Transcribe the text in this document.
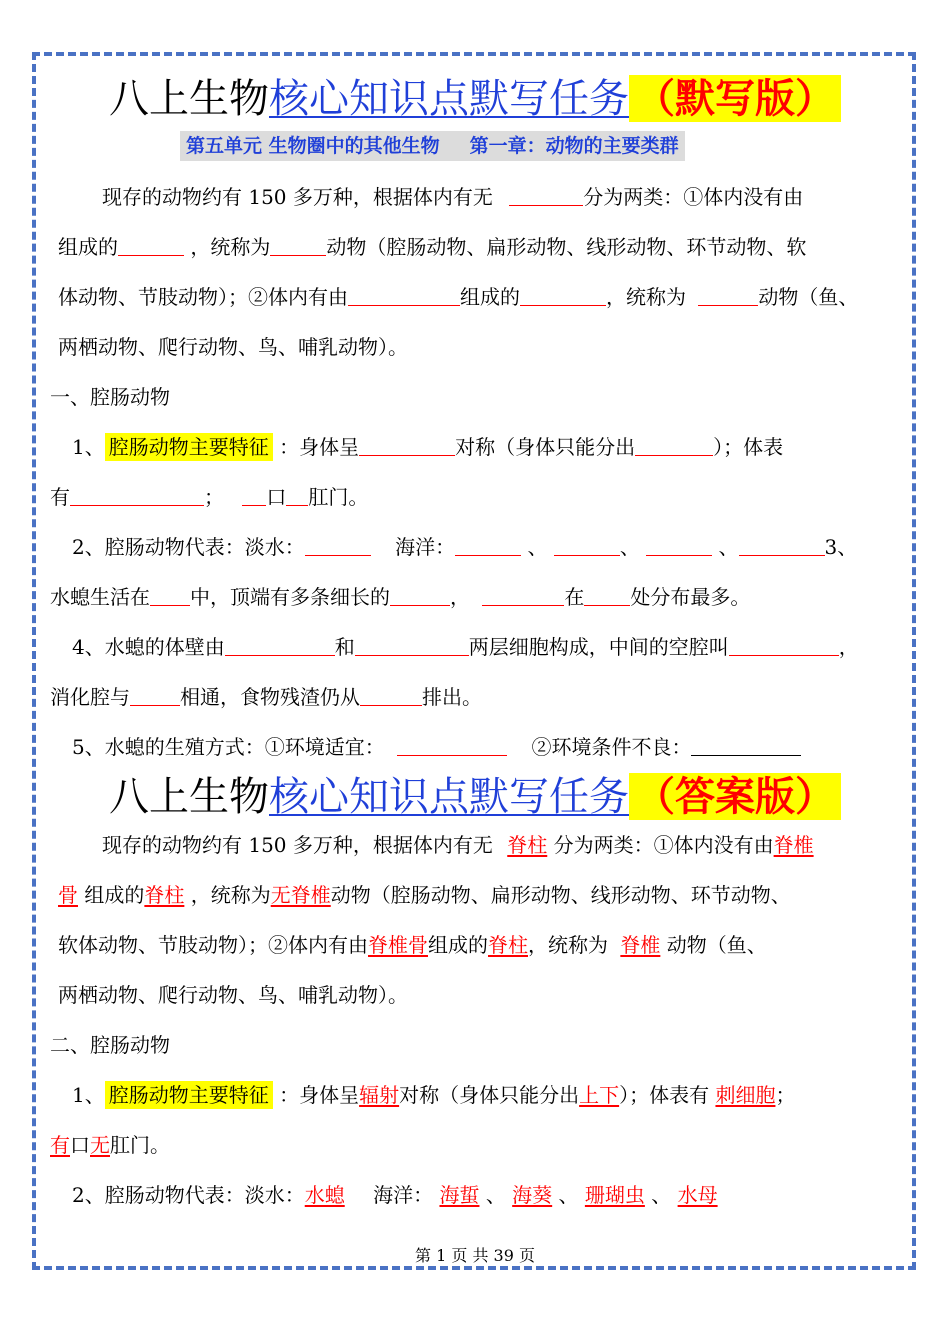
八上生物核心知识点默写任务 （默写版）
第五单元 生物圈中的其他生物 第一章：动物的主要类群
现存的动物约有 150 多万种，根据体内有无	分为两类：①体内没有由
组成的	，统称为	动物（腔肠动物、扁形动物、线形动物、环节动物、软
体动物、节肢动物）；②体内有由	组成的	，统称为	动物（鱼、
两栖动物、爬行动物、鸟、哺乳动物）。
一、腔肠动物
1、 腔肠动物主要特征 ：身体呈	对称（身体只能分出	）；体表
有	； 口 肛门。
2、腔肠动物代表：淡水：	海洋：	、	、	、	3、
水螅生活在 中，顶端有多条细长的	，	在 处分布最多。
4、水螅的体壁由	和	两层细胞构成，中间的空腔叫	，
消化腔与	相通，食物残渣仍从	排出。
5、水螅的生殖方式：①环境适宜：	②环境条件不良：
八上生物核心知识点默写任务 （答案版）
现存的动物约有 150 多万种，根据体内有无 脊柱 分为两类：①体内没有由脊椎
骨 组成的脊柱 ，统称为无脊椎动物（腔肠动物、扁形动物、线形动物、环节动物、
软体动物、节肢动物）；②体内有由脊椎骨组成的脊柱，统称为 脊椎 动物（鱼、
两栖动物、爬行动物、鸟、哺乳动物）。
二、腔肠动物
1、 腔肠动物主要特征 ：身体呈辐射对称（身体只能分出上下）；体表有 刺细胞；
有口无肛门。
2、腔肠动物代表：淡水：水螅 海洋： 海蜇 、 海葵 、 珊瑚虫 、 水母
第 1 页 共 39 页
